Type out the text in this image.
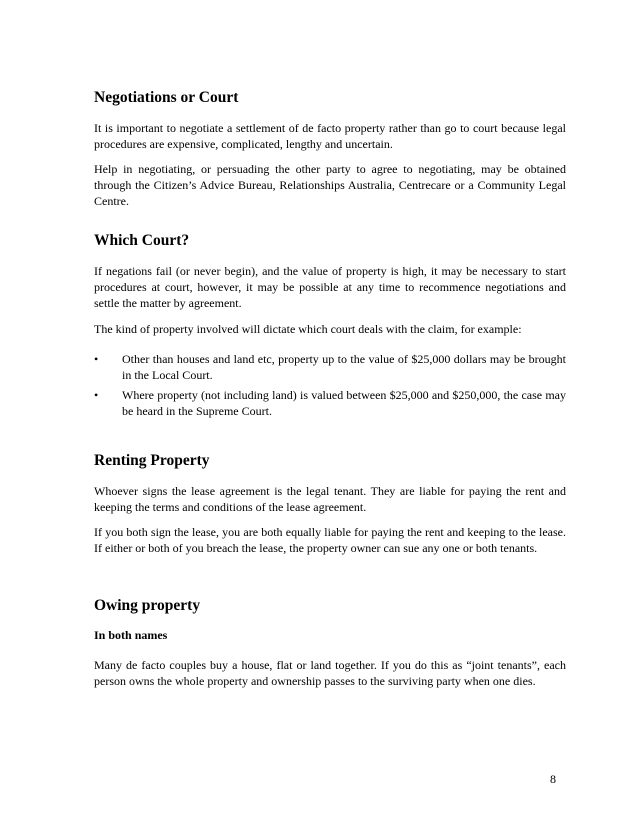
Negotiations or Court

It is important to negotiate a settlement of de facto property rather than go to court because legal procedures are expensive, complicated, lengthy and uncertain.

Help in negotiating, or persuading the other party to agree to negotiating, may be obtained through the Citizen’s Advice Bureau, Relationships Australia, Centrecare or a Community Legal Centre.

Which Court?

If negations fail (or never begin), and the value of property is high, it may be necessary to start procedures at court, however, it may be possible at any time to recommence negotiations and settle the matter by agreement.

The kind of property involved will dictate which court deals with the claim, for example:

• Other than houses and land etc, property up to the value of $25,000 dollars may be brought in the Local Court.
• Where property (not including land) is valued between $25,000 and $250,000, the case may be heard in the Supreme Court.
Renting Property

Whoever signs the lease agreement is the legal tenant. They are liable for paying the rent and keeping the terms and conditions of the lease agreement.

If you both sign the lease, you are both equally liable for paying the rent and keeping to the lease. If either or both of you breach the lease, the property owner can sue any one or both tenants.

Owing property
In both names

Many de facto couples buy a house, flat or land together. If you do this as “joint tenants”, each person owns the whole property and ownership passes to the surviving party when one dies.

8
